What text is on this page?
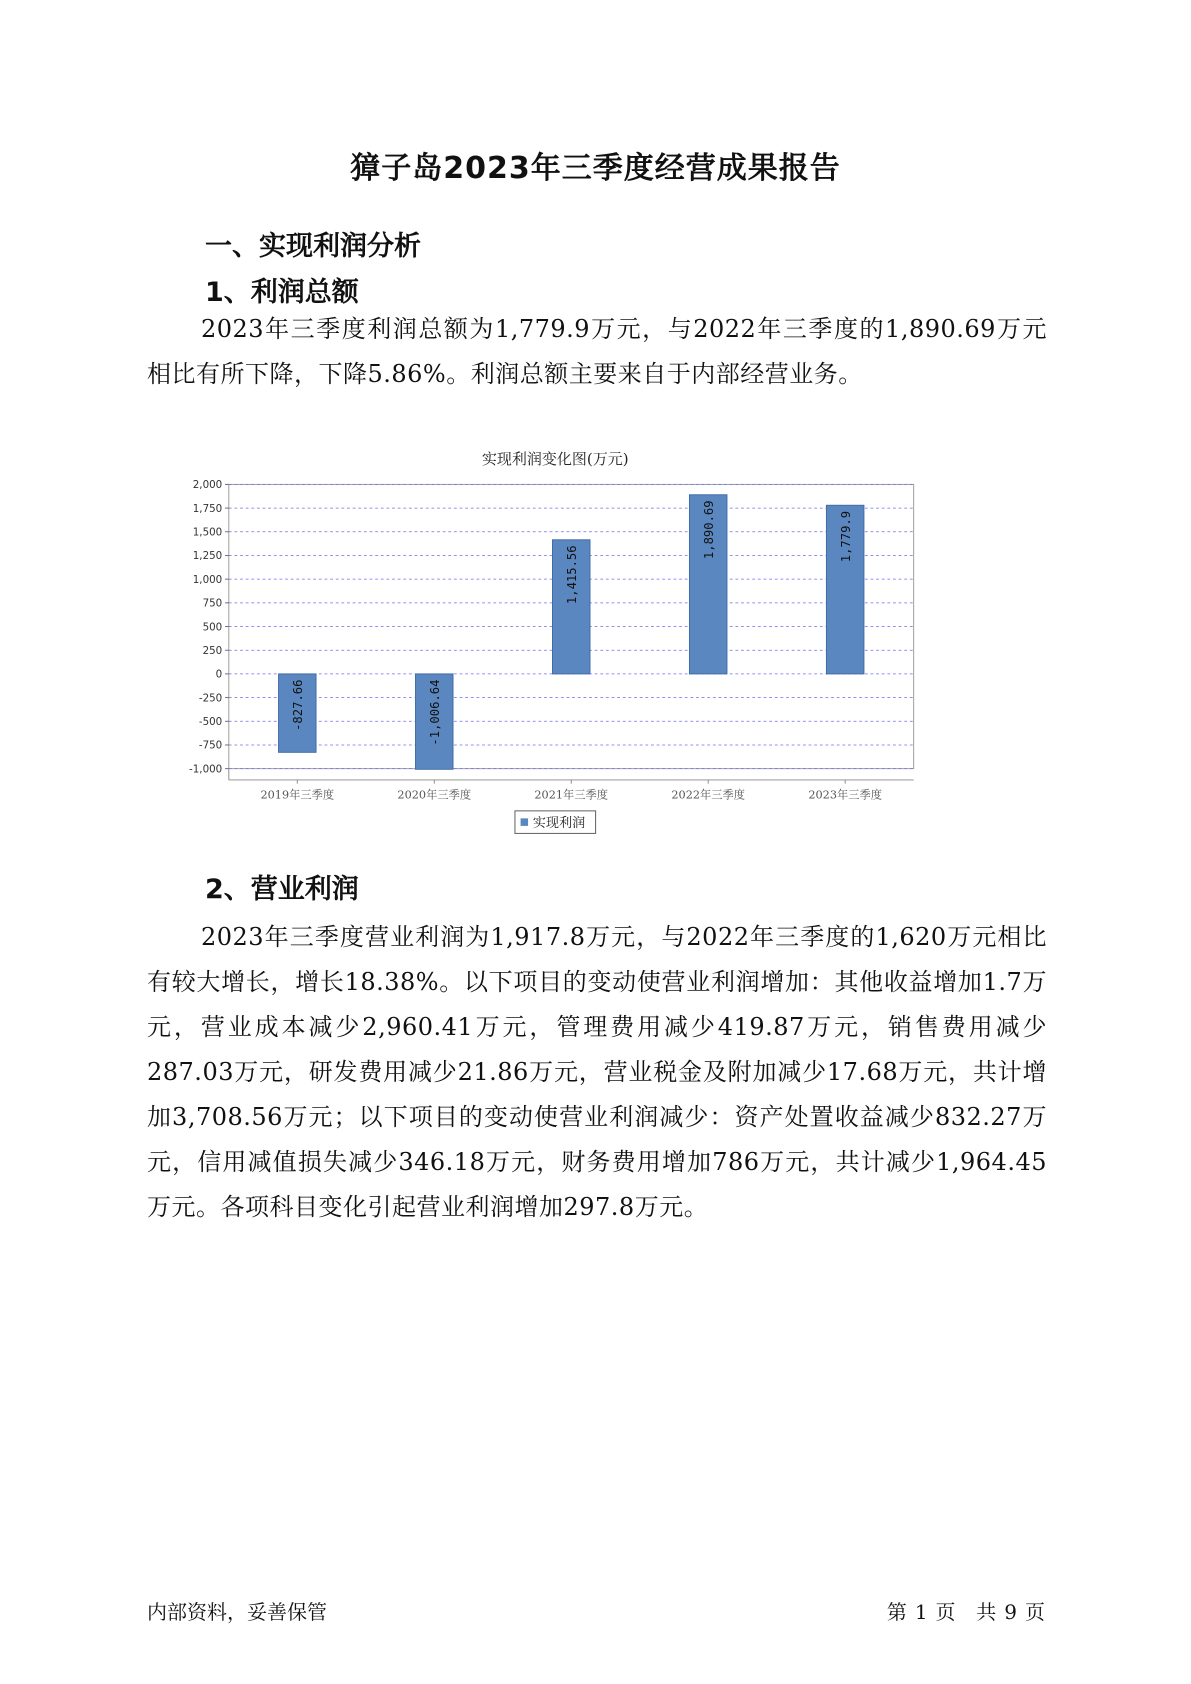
獐子岛2023年三季度经营成果报告
一、实现利润分析
1、利润总额

2023年三季度利润总额为1,779.9万元，与2022年三季度的1,890.69万元相比有所下降，下降5.86%。利润总额主要来自于内部经营业务。

实现利润变化图(万元)
-827.66	-1,006.64
1,415.56
1,890.69	1,779.9
2,000
1,750
1,500
1,250
1,000
750
500
250
0
-250
-500
-750
-1,000
2019年三季度	2020年三季度	2021年三季度	2022年三季度	2023年三季度
实现利润
2、营业利润

2023年三季度营业利润为1,917.8万元，与2022年三季度的1,620万元相比有较大增长，增长18.38%。以下项目的变动使营业利润增加：其他收益增加1.7万元，营业成本减少2,960.41万元，管理费用减少419.87万元，销售费用减少287.03万元，研发费用减少21.86万元，营业税金及附加减少17.68万元，共计增加3,708.56万元；以下项目的变动使营业利润减少：资产处置收益减少832.27万元，信用减值损失减少346.18万元，财务费用增加786万元，共计减少1,964.45万元。各项科目变化引起营业利润增加297.8万元。

内部资料，妥善保管	第 1 页 共 9 页
